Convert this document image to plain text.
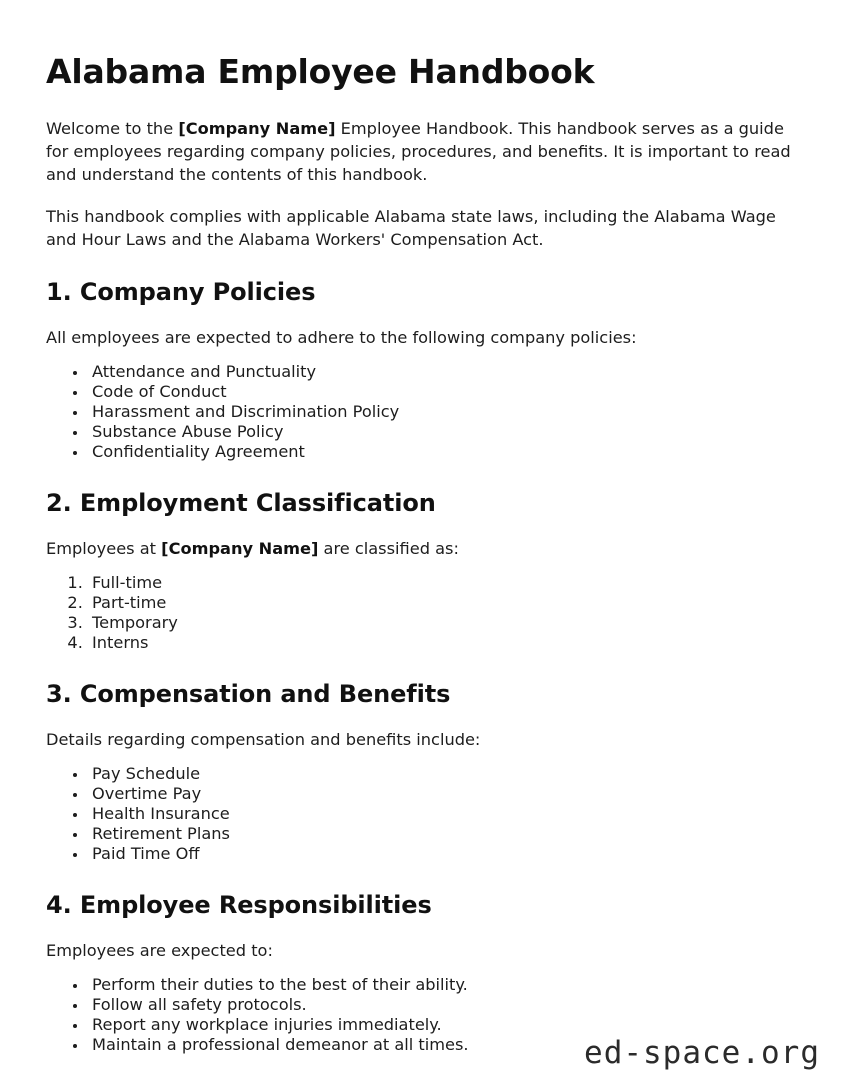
Alabama Employee Handbook

Welcome to the [Company Name] Employee Handbook. This handbook serves as a guide for employees regarding company policies, procedures, and benefits. It is important to read and understand the contents of this handbook.

This handbook complies with applicable Alabama state laws, including the Alabama Wage and Hour Laws and the Alabama Workers' Compensation Act.

1. Company Policies

All employees are expected to adhere to the following company policies:

• Attendance and Punctuality
• Code of Conduct
• Harassment and Discrimination Policy
• Substance Abuse Policy
• Confidentiality Agreement
2. Employment Classification

Employees at [Company Name] are classified as:

1. Full-time
2. Part-time
3. Temporary
4. Interns
3. Compensation and Benefits

Details regarding compensation and benefits include:

• Pay Schedule
• Overtime Pay
• Health Insurance
• Retirement Plans
• Paid Time Off
4. Employee Responsibilities

Employees are expected to:

• Perform their duties to the best of their ability.
• Follow all safety protocols.
• Report any workplace injuries immediately.
• Maintain a professional demeanor at all times.	ed-space.org
